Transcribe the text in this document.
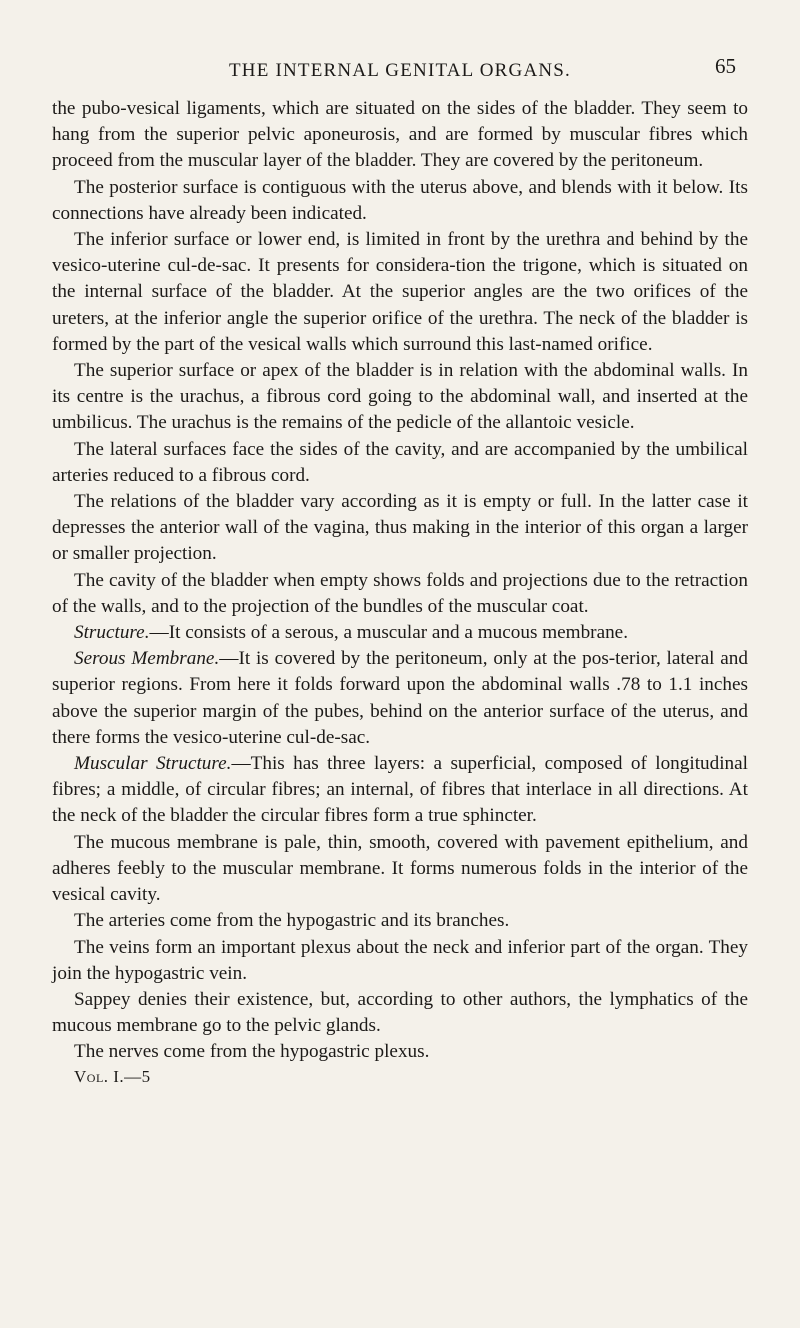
THE INTERNAL GENITAL ORGANS.	65

the pubo-vesical ligaments, which are situated on the sides of the bladder. They seem to hang from the superior pelvic aponeurosis, and are formed by muscular fibres which proceed from the muscular layer of the bladder. They are covered by the peritoneum.

The posterior surface is contiguous with the uterus above, and blends with it below. Its connections have already been indicated.

The inferior surface or lower end, is limited in front by the urethra and behind by the vesico-uterine cul-de-sac. It presents for considera-tion the trigone, which is situated on the internal surface of the bladder. At the superior angles are the two orifices of the ureters, at the inferior angle the superior orifice of the urethra. The neck of the bladder is formed by the part of the vesical walls which surround this last-named orifice.

The superior surface or apex of the bladder is in relation with the abdominal walls. In its centre is the urachus, a fibrous cord going to the abdominal wall, and inserted at the umbilicus. The urachus is the remains of the pedicle of the allantoic vesicle.

The lateral surfaces face the sides of the cavity, and are accompanied by the umbilical arteries reduced to a fibrous cord.

The relations of the bladder vary according as it is empty or full. In the latter case it depresses the anterior wall of the vagina, thus making in the interior of this organ a larger or smaller projection.

The cavity of the bladder when empty shows folds and projections due to the retraction of the walls, and to the projection of the bundles of the muscular coat.

Structure.—It consists of a serous, a muscular and a mucous membrane.

Serous Membrane.—It is covered by the peritoneum, only at the pos-terior, lateral and superior regions. From here it folds forward upon the abdominal walls .78 to 1.1 inches above the superior margin of the pubes, behind on the anterior surface of the uterus, and there forms the vesico-uterine cul-de-sac.

Muscular Structure.—This has three layers: a superficial, composed of longitudinal fibres; a middle, of circular fibres; an internal, of fibres that interlace in all directions. At the neck of the bladder the circular fibres form a true sphincter.

The mucous membrane is pale, thin, smooth, covered with pavement epithelium, and adheres feebly to the muscular membrane. It forms numerous folds in the interior of the vesical cavity.

The arteries come from the hypogastric and its branches.

The veins form an important plexus about the neck and inferior part of the organ. They join the hypogastric vein.

Sappey denies their existence, but, according to other authors, the lymphatics of the mucous membrane go to the pelvic glands.

The nerves come from the hypogastric plexus.

Vol. I.—5
